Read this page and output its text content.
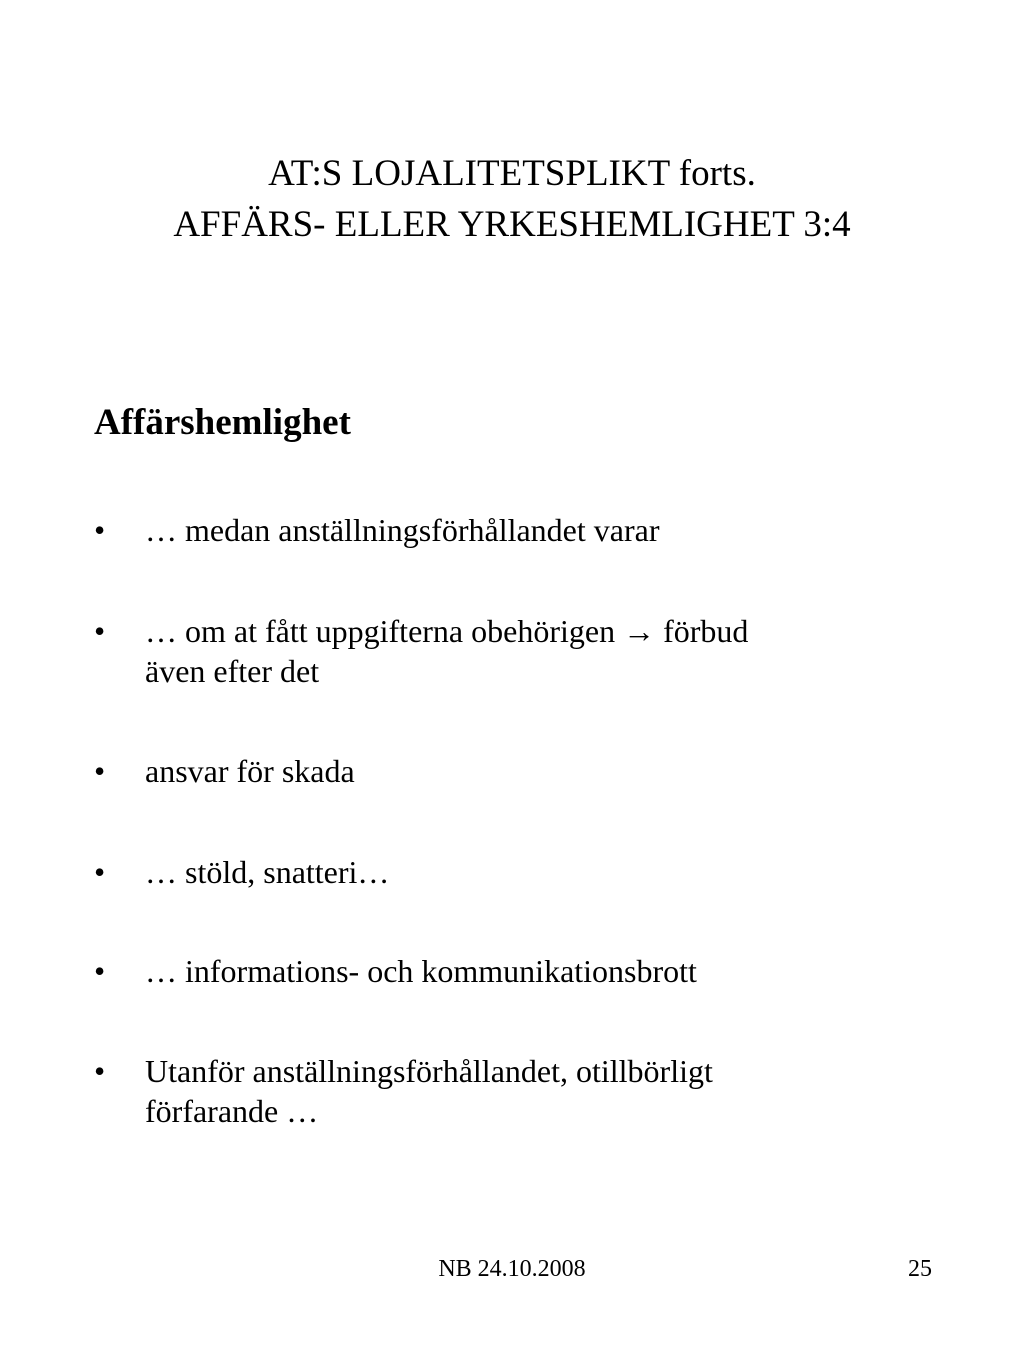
AT:S LOJALITETSPLIKT forts.
AFFÄRS- ELLER YRKESHEMLIGHET 3:4
Affärshemlighet
•	… medan anställningsförhållandet varar
•	… om at fått uppgifterna obehörigen → förbud
även efter det
•	ansvar för skada
•	… stöld, snatteri…
•	… informations- och kommunikationsbrott
•	Utanför anställningsförhållandet, otillbörligt
förfarande …
NB 24.10.2008	25
